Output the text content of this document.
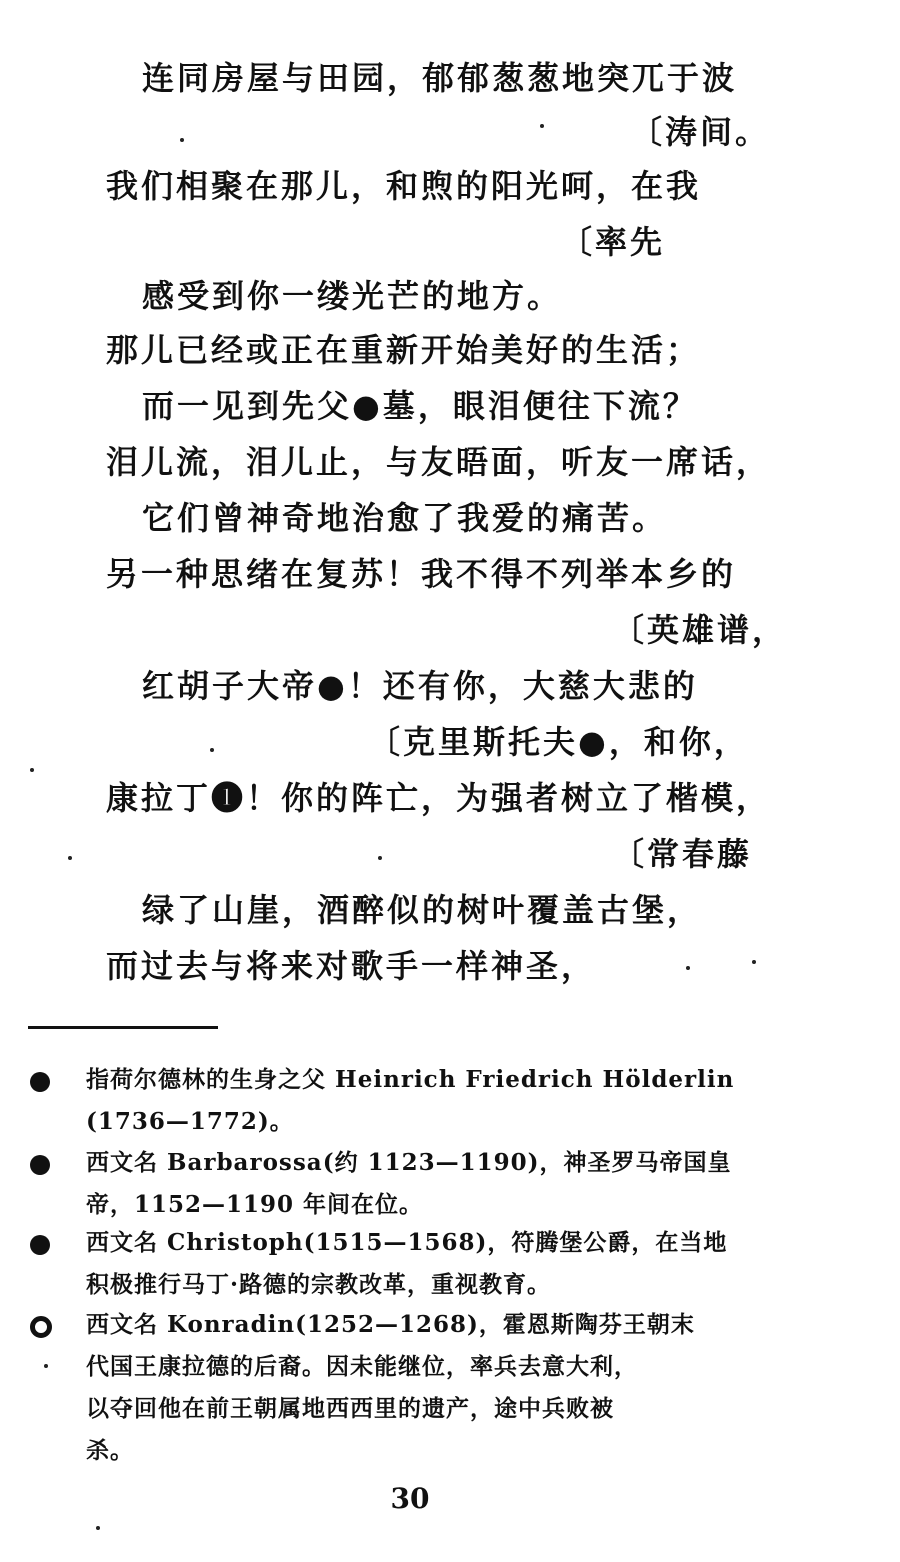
连同房屋与田园，郁郁葱葱地突兀于波
〔涛间。
我们相聚在那儿，和煦的阳光呵，在我
〔率先
感受到你一缕光芒的地方。
那儿已经或正在重新开始美好的生活；
而一见到先父●墓，眼泪便往下流？
泪儿流，泪儿止，与友晤面，听友一席话，
它们曾神奇地治愈了我爱的痛苦。
另一种思绪在复苏！我不得不列举本乡的
〔英雄谱，
红胡子大帝●！还有你，大慈大悲的
〔克里斯托夫●，和你，
康拉丁❶！你的阵亡，为强者树立了楷模，
〔常春藤
绿了山崖，酒醉似的树叶覆盖古堡，
而过去与将来对歌手一样神圣，
指荷尔德林的生身之父 Heinrich Friedrich Hölderlin
(1736—1772)。
西文名 Barbarossa(约 1123—1190)，神圣罗马帝国皇
帝，1152—1190 年间在位。
西文名 Christoph(1515—1568)，符腾堡公爵，在当地
积极推行马丁·路德的宗教改革，重视教育。
西文名 Konradin(1252—1268)，霍恩斯陶芬王朝末
代国王康拉德的后裔。因未能继位，率兵去意大利，
以夺回他在前王朝属地西西里的遗产，途中兵败被
杀。
30
